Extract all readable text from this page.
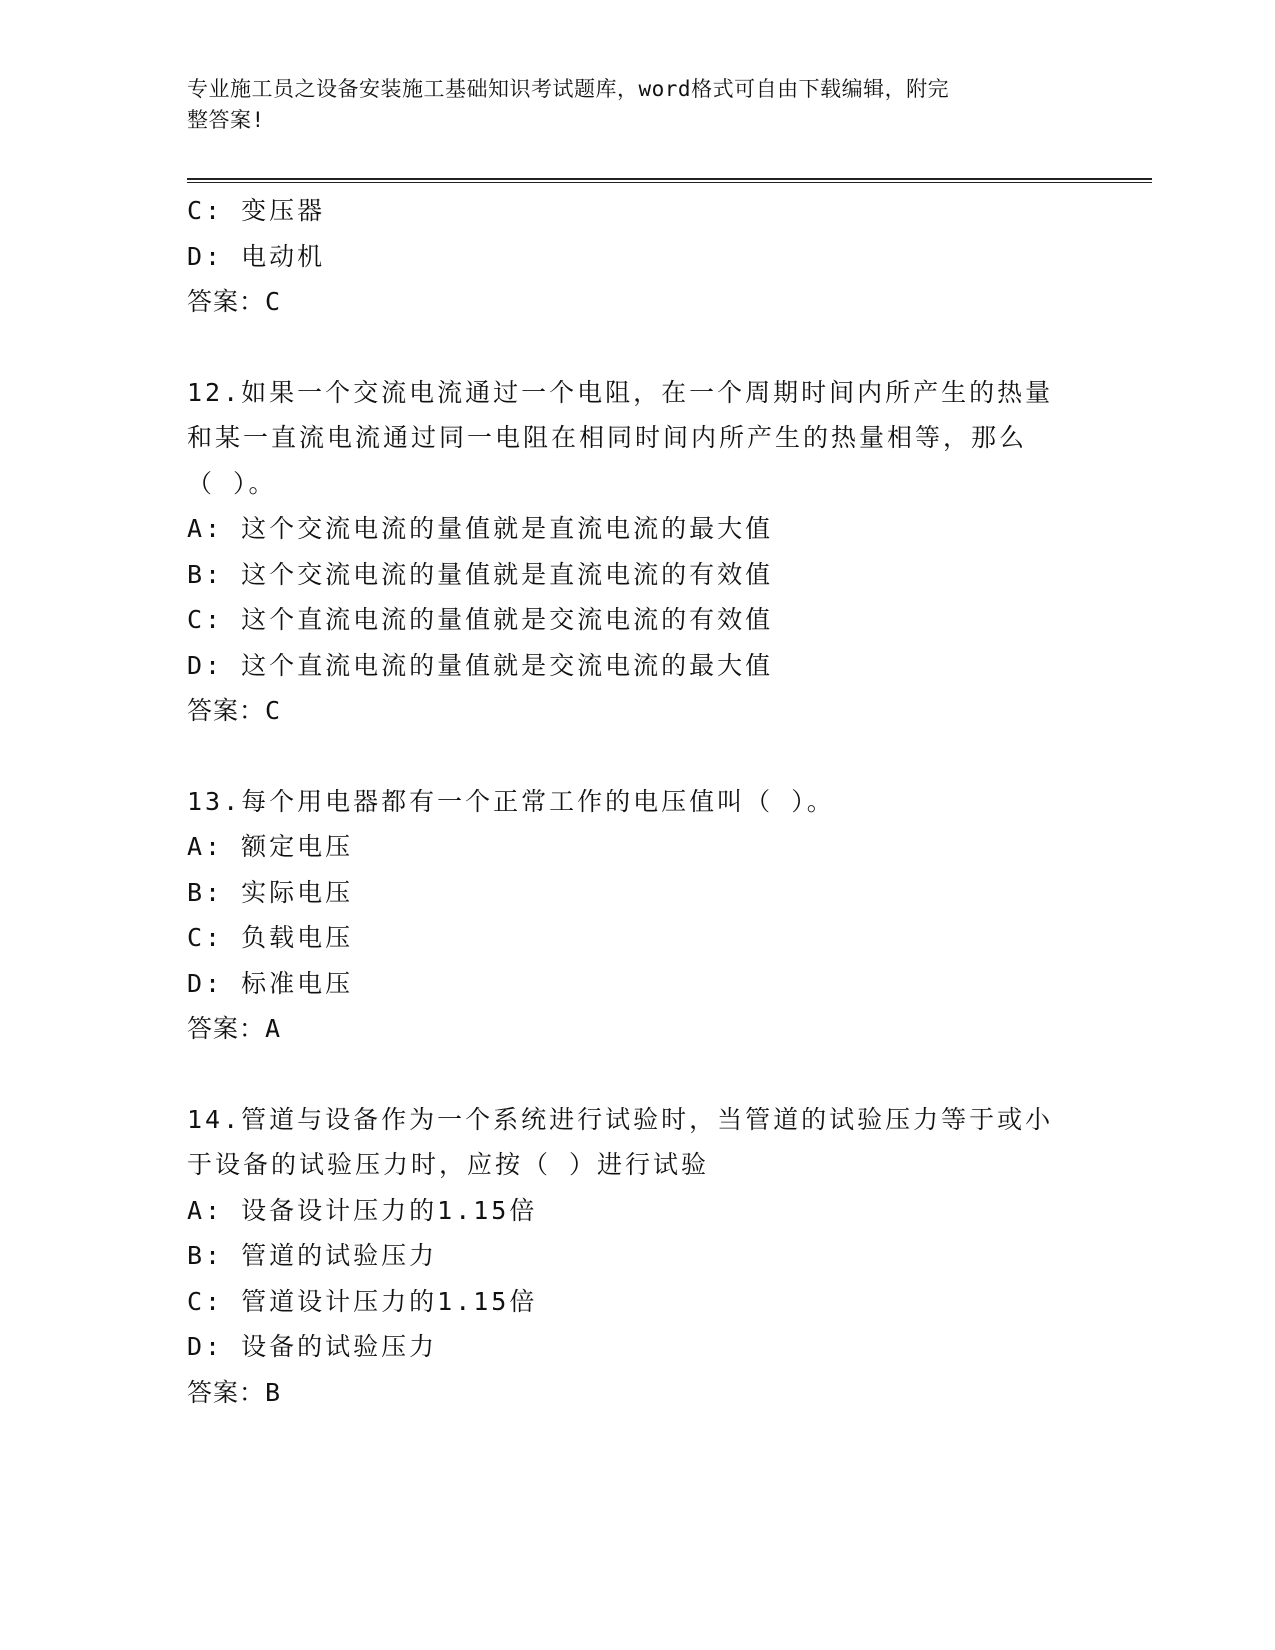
专业施工员之设备安装施工基础知识考试题库，word格式可自由下载编辑，附完
整答案!
C: 变压器
D: 电动机
答案：C
12.如果一个交流电流通过一个电阻，在一个周期时间内所产生的热量
和某一直流电流通过同一电阻在相同时间内所产生的热量相等，那么
（ ）。
A: 这个交流电流的量值就是直流电流的最大值
B: 这个交流电流的量值就是直流电流的有效值
C: 这个直流电流的量值就是交流电流的有效值
D: 这个直流电流的量值就是交流电流的最大值
答案：C
13.每个用电器都有一个正常工作的电压值叫（ ）。
A: 额定电压
B: 实际电压
C: 负载电压
D: 标准电压
答案：A
14.管道与设备作为一个系统进行试验时，当管道的试验压力等于或小
于设备的试验压力时，应按（ ）进行试验
A: 设备设计压力的1.15倍
B: 管道的试验压力
C: 管道设计压力的1.15倍
D: 设备的试验压力
答案：B
